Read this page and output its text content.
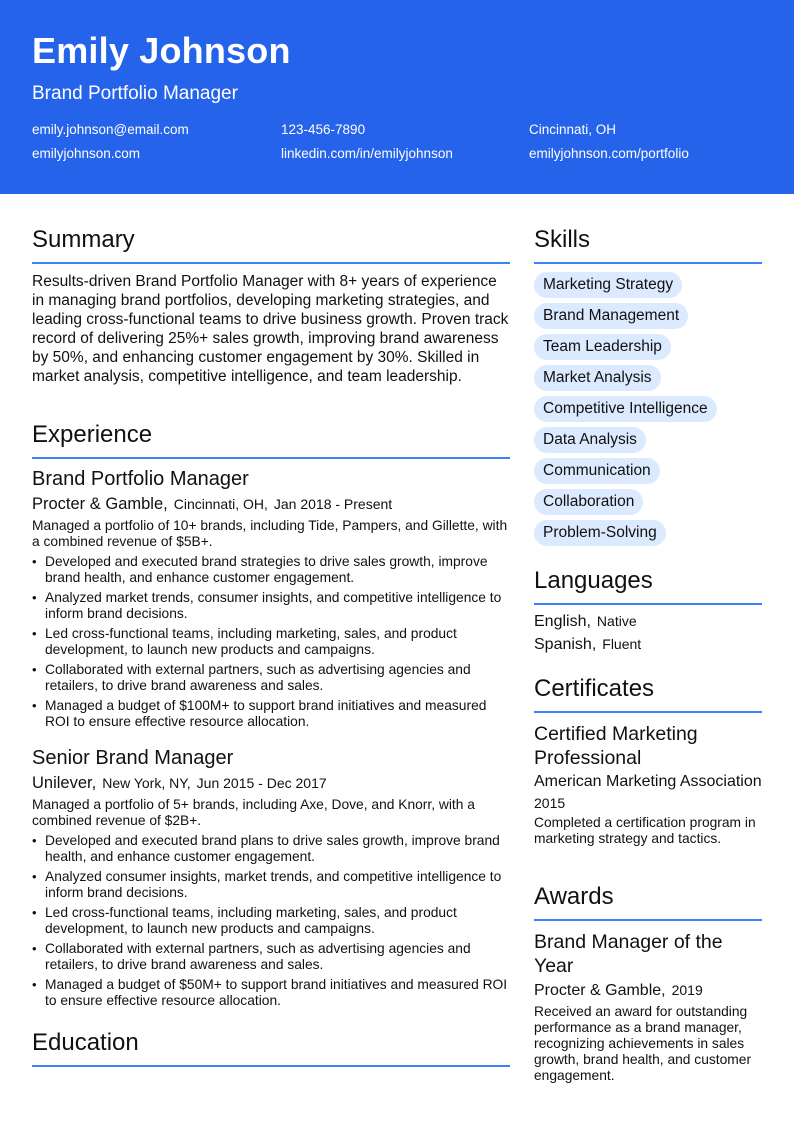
Emily Johnson
Brand Portfolio Manager
emily.johnson@email.com	123-456-7890	Cincinnati, OH
emilyjohnson.com	linkedin.com/in/emilyjohnson	emilyjohnson.com/portfolio
Summary
Results-driven Brand Portfolio Manager with 8+ years of experience in managing brand portfolios, developing marketing strategies, and leading cross-functional teams to drive business growth. Proven track record of delivering 25%+ sales growth, improving brand awareness by 50%, and enhancing customer engagement by 30%. Skilled in market analysis, competitive intelligence, and team leadership.
Experience
Brand Portfolio Manager
Procter & Gamble, Cincinnati, OH, Jan 2018 - Present
Managed a portfolio of 10+ brands, including Tide, Pampers, and Gillette, with a combined revenue of $5B+.
• Developed and executed brand strategies to drive sales growth, improve brand health, and enhance customer engagement.
• Analyzed market trends, consumer insights, and competitive intelligence to inform brand decisions.
• Led cross-functional teams, including marketing, sales, and product development, to launch new products and campaigns.
• Collaborated with external partners, such as advertising agencies and retailers, to drive brand awareness and sales.
• Managed a budget of $100M+ to support brand initiatives and measured ROI to ensure effective resource allocation.
Senior Brand Manager
Unilever, New York, NY, Jun 2015 - Dec 2017
Managed a portfolio of 5+ brands, including Axe, Dove, and Knorr, with a combined revenue of $2B+.
• Developed and executed brand plans to drive sales growth, improve brand health, and enhance customer engagement.
• Analyzed consumer insights, market trends, and competitive intelligence to inform brand decisions.
• Led cross-functional teams, including marketing, sales, and product development, to launch new products and campaigns.
• Collaborated with external partners, such as advertising agencies and retailers, to drive brand awareness and sales.
• Managed a budget of $50M+ to support brand initiatives and measured ROI to ensure effective resource allocation.
Education
Skills
Marketing Strategy
Brand Management
Team Leadership
Market Analysis
Competitive Intelligence
Data Analysis
Communication
Collaboration
Problem-Solving
Languages
English, Native
Spanish, Fluent
Certificates
Certified Marketing Professional
American Marketing Association
2015
Completed a certification program in marketing strategy and tactics.
Awards
Brand Manager of the Year
Procter & Gamble, 2019
Received an award for outstanding performance as a brand manager, recognizing achievements in sales growth, brand health, and customer engagement.
